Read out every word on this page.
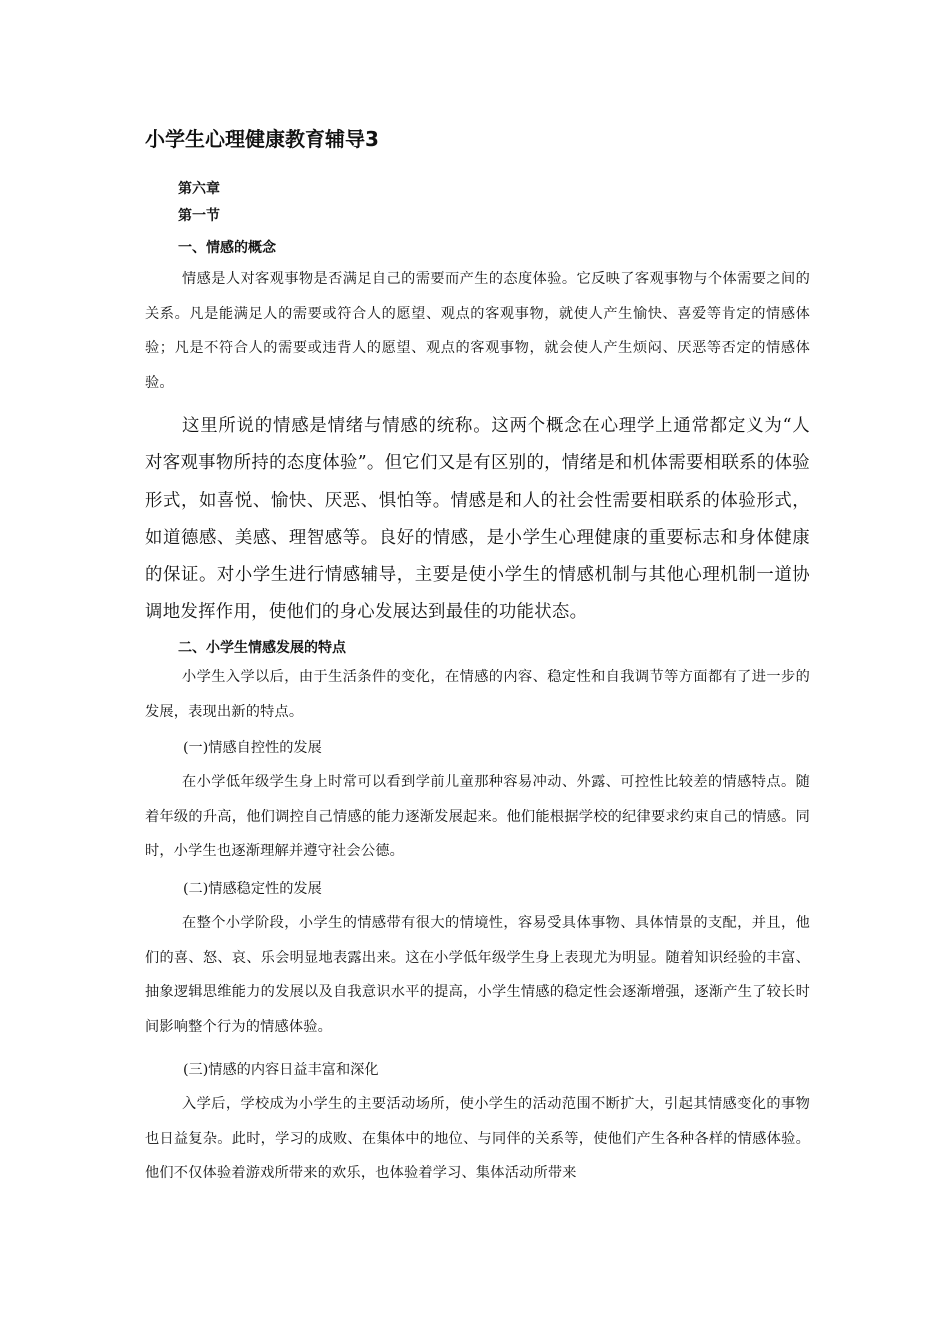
小学生心理健康教育辅导3
第六章
第一节
一、情感的概念

情感是人对客观事物是否满足自己的需要而产生的态度体验。它反映了客观事物与个体需要之间的关系。凡是能满足人的需要或符合人的愿望、观点的客观事物，就使人产生愉快、喜爱等肯定的情感体验；凡是不符合人的需要或违背人的愿望、观点的客观事物，就会使人产生烦闷、厌恶等否定的情感体验。

这里所说的情感是情绪与情感的统称。这两个概念在心理学上通常都定义为“人对客观事物所持的态度体验”。但它们又是有区别的，情绪是和机体需要相联系的体验形式，如喜悦、愉快、厌恶、惧怕等。情感是和人的社会性需要相联系的体验形式，如道德感、美感、理智感等。良好的情感，是小学生心理健康的重要标志和身体健康的保证。对小学生进行情感辅导，主要是使小学生的情感机制与其他心理机制一道协调地发挥作用，使他们的身心发展达到最佳的功能状态。

二、小学生情感发展的特点

小学生入学以后，由于生活条件的变化，在情感的内容、稳定性和自我调节等方面都有了进一步的发展，表现出新的特点。

(一)情感自控性的发展

在小学低年级学生身上时常可以看到学前儿童那种容易冲动、外露、可控性比较差的情感特点。随着年级的升高，他们调控自己情感的能力逐渐发展起来。他们能根据学校的纪律要求约束自己的情感。同时，小学生也逐渐理解并遵守社会公德。

(二)情感稳定性的发展

在整个小学阶段，小学生的情感带有很大的情境性，容易受具体事物、具体情景的支配，并且，他们的喜、怒、哀、乐会明显地表露出来。这在小学低年级学生身上表现尤为明显。随着知识经验的丰富、抽象逻辑思维能力的发展以及自我意识水平的提高，小学生情感的稳定性会逐渐增强，逐渐产生了较长时间影响整个行为的情感体验。

(三)情感的内容日益丰富和深化

入学后，学校成为小学生的主要活动场所，使小学生的活动范围不断扩大，引起其情感变化的事物也日益复杂。此时，学习的成败、在集体中的地位、与同伴的关系等，使他们产生各种各样的情感体验。他们不仅体验着游戏所带来的欢乐，也体验着学习、集体活动所带来
